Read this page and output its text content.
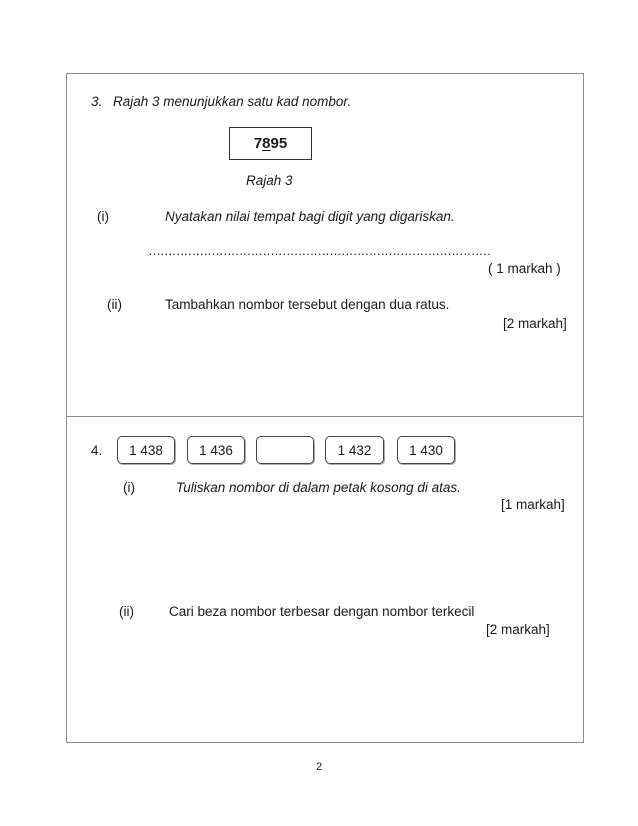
3. Rajah 3 menunjukkan satu kad nombor.
7 8 95
Rajah 3
(i)	Nyatakan nilai tempat bagi digit yang digariskan.
……………………………………………………………………………
( 1 markah )
(ii)	Tambahkan nombor tersebut dengan dua ratus.
[2 markah]
4.	1 438	1 436	1 432	1 430
(i)	Tuliskan nombor di dalam petak kosong di atas.
[1 markah]
(ii)	Cari beza nombor terbesar dengan nombor terkecil
[2 markah]
2
